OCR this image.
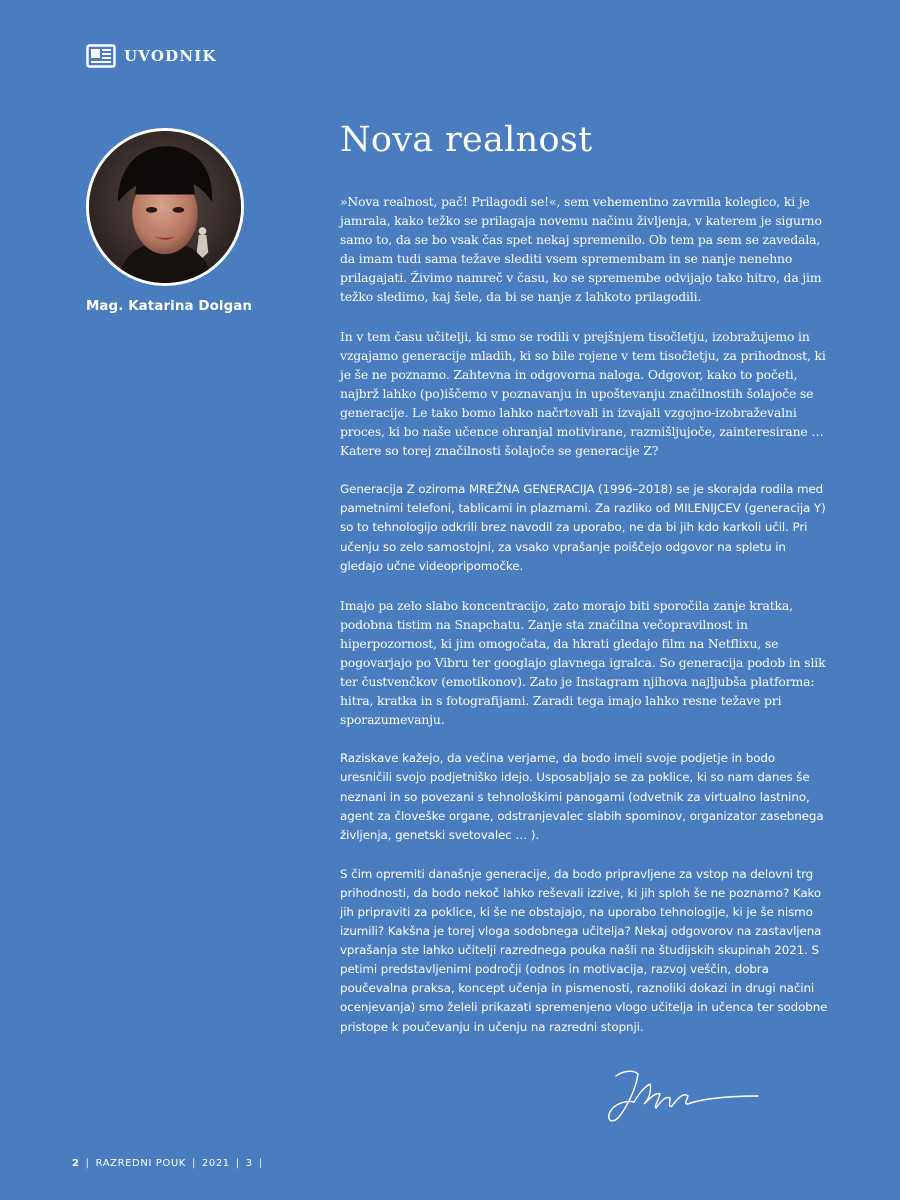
UVODNIK
Mag. Katarina Dolgan
Nova realnost

»Nova realnost, pač! Prilagodi se!«, sem vehementno zavrnila kolegico, ki je jamrala, kako težko se prilagaja novemu načinu življenja, v katerem je sigurno samo to, da se bo vsak čas spet nekaj spremenilo. Ob tem pa sem se zavedala, da imam tudi sama težave slediti vsem spremembam in se nanje nenehno prilagajati. Živimo namreč v času, ko se spremembe odvijajo tako hitro, da jim težko sledimo, kaj šele, da bi se nanje z lahkoto prilagodili.

In v tem času učitelji, ki smo se rodili v prejšnjem tisočletju, izobražujemo in vzgajamo generacije mladih, ki so bile rojene v tem tisočletju, za prihodnost, ki je še ne poznamo. Zahtevna in odgovorna naloga. Odgovor, kako to početi, najbrž lahko (po)iščemo v poznavanju in upoštevanju značilnostih šolajoče se generacije. Le tako bomo lahko načrtovali in izvajali vzgojno-izobraževalni proces, ki bo naše učence ohranjal motivirane, razmišljujoče, zainteresirane … Katere so torej značilnosti šolajoče se generacije Z?

Generacija Z oziroma MREŽNA GENERACIJA (1996–2018) se je skorajda rodila med pametnimi telefoni, tablicami in plazmami. Za razliko od MILENIJCEV (generacija Y) so to tehnologijo odkrili brez navodil za uporabo, ne da bi jih kdo karkoli učil. Pri učenju so zelo samostojni, za vsako vprašanje poiščejo odgovor na spletu in gledajo učne videopripomočke.

Imajo pa zelo slabo koncentracijo, zato morajo biti sporočila zanje kratka, podobna tistim na Snapchatu. Zanje sta značilna večopravilnost in hiperpozornost, ki jim omogočata, da hkrati gledajo film na Netflixu, se pogovarjajo po Vibru ter googlajo glavnega igralca. So generacija podob in slik ter čustvenčkov (emotikonov). Zato je Instagram njihova najljubša platforma: hitra, kratka in s fotografijami. Zaradi tega imajo lahko resne težave pri sporazumevanju.

Raziskave kažejo, da večina verjame, da bodo imeli svoje podjetje in bodo uresničili svojo podjetniško idejo. Usposabljajo se za poklice, ki so nam danes še neznani in so povezani s tehnološkimi panogami (odvetnik za virtualno lastnino, agent za človeške organe, odstranjevalec slabih spominov, organizator zasebnega življenja, genetski svetovalec … ).

S čim opremiti današnje generacije, da bodo pripravljene za vstop na delovni trg prihodnosti, da bodo nekoč lahko reševali izzive, ki jih sploh še ne poznamo? Kako jih pripraviti za poklice, ki še ne obstajajo, na uporabo tehnologije, ki je še nismo izumili? Kakšna je torej vloga sodobnega učitelja? Nekaj odgovorov na zastavljena vprašanja ste lahko učitelji razrednega pouka našli na študijskih skupinah 2021. S petimi predstavljenimi področji (odnos in motivacija, razvoj veščin, dobra poučevalna praksa, koncept učenja in pismenosti, raznoliki dokazi in drugi načini ocenjevanja) smo želeli prikazati spremenjeno vlogo učitelja in učenca ter sodobne pristope k poučevanju in učenju na razredni stopnji.

2 | RAZREDNI POUK | 2021 | 3 |
